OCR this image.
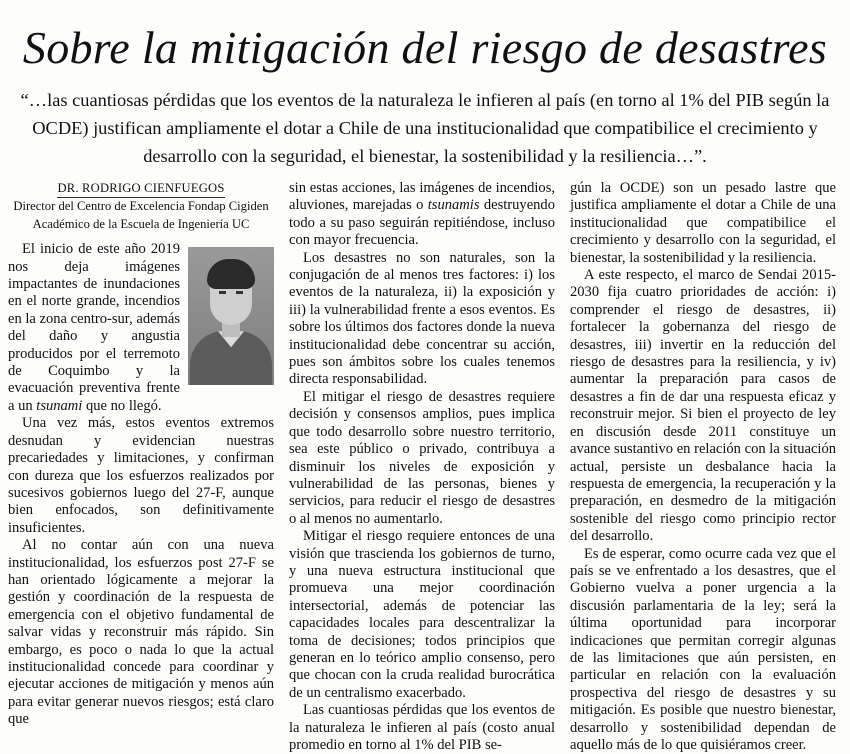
Sobre la mitigación del riesgo de desastres

“…las cuantiosas pérdidas que los eventos de la naturaleza le infieren al país (en torno al 1% del PIB según la OCDE) justifican ampliamente el dotar a Chile de una institucionalidad que compatibilice el crecimiento y desarrollo con la seguridad, el bienestar, la sostenibilidad y la resiliencia…”.

DR. RODRIGO CIENFUEGOS
Director del Centro de Excelencia Fondap Cigiden
Académico de la Escuela de Ingeniería UC

El inicio de este año 2019 nos deja imágenes impactantes de inundaciones en el norte grande, incendios en la zona centro-sur, además del daño y angustia producidos por el terremoto de Coquimbo y la evacuación preventiva frente a un tsunami que no llegó.

Una vez más, estos eventos extremos desnudan y evidencian nuestras precariedades y limitaciones, y confirman con dureza que los esfuerzos realizados por sucesivos gobiernos luego del 27-F, aunque bien enfocados, son definitivamente insuficientes.

Al no contar aún con una nueva institucionalidad, los esfuerzos post 27-F se han orientado lógicamente a mejorar la gestión y coordinación de la respuesta de emergencia con el objetivo fundamental de salvar vidas y reconstruir más rápido. Sin embargo, es poco o nada lo que la actual institucionalidad concede para coordinar y ejecutar acciones de mitigación y menos aún para evitar generar nuevos riesgos; está claro que

sin estas acciones, las imágenes de incendios, aluviones, marejadas o tsunamis destruyendo todo a su paso seguirán repitiéndose, incluso con mayor frecuencia.

Los desastres no son naturales, son la conjugación de al menos tres factores: i) los eventos de la naturaleza, ii) la exposición y iii) la vulnerabilidad frente a esos eventos. Es sobre los últimos dos factores donde la nueva institucionalidad debe concentrar su acción, pues son ámbitos sobre los cuales tenemos directa responsabilidad.

El mitigar el riesgo de desastres requiere decisión y consensos amplios, pues implica que todo desarrollo sobre nuestro territorio, sea este público o privado, contribuya a disminuir los niveles de exposición y vulnerabilidad de las personas, bienes y servicios, para reducir el riesgo de desastres o al menos no aumentarlo.

Mitigar el riesgo requiere entonces de una visión que trascienda los gobiernos de turno, y una nueva estructura institucional que promueva una mejor coordinación intersectorial, además de potenciar las capacidades locales para descentralizar la toma de decisiones; todos principios que generan en lo teórico amplio consenso, pero que chocan con la cruda realidad burocrática de un centralismo exacerbado.

Las cuantiosas pérdidas que los eventos de la naturaleza le infieren al país (costo anual promedio en torno al 1% del PIB se-

gún la OCDE) son un pesado lastre que justifica ampliamente el dotar a Chile de una institucionalidad que compatibilice el crecimiento y desarrollo con la seguridad, el bienestar, la sostenibilidad y la resiliencia.

A este respecto, el marco de Sendai 2015-2030 fija cuatro prioridades de acción: i) comprender el riesgo de desastres, ii) fortalecer la gobernanza del riesgo de desastres, iii) invertir en la reducción del riesgo de desastres para la resiliencia, y iv) aumentar la preparación para casos de desastres a fin de dar una respuesta eficaz y reconstruir mejor. Si bien el proyecto de ley en discusión desde 2011 constituye un avance sustantivo en relación con la situación actual, persiste un desbalance hacia la respuesta de emergencia, la recuperación y la preparación, en desmedro de la mitigación sostenible del riesgo como principio rector del desarrollo.

Es de esperar, como ocurre cada vez que el país se ve enfrentado a los desastres, que el Gobierno vuelva a poner urgencia a la discusión parlamentaria de la ley; será la última oportunidad para incorporar indicaciones que permitan corregir algunas de las limitaciones que aún persisten, en particular en relación con la evaluación prospectiva del riesgo de desastres y su mitigación. Es posible que nuestro bienestar, desarrollo y sostenibilidad dependan de aquello más de lo que quisiéramos creer.
